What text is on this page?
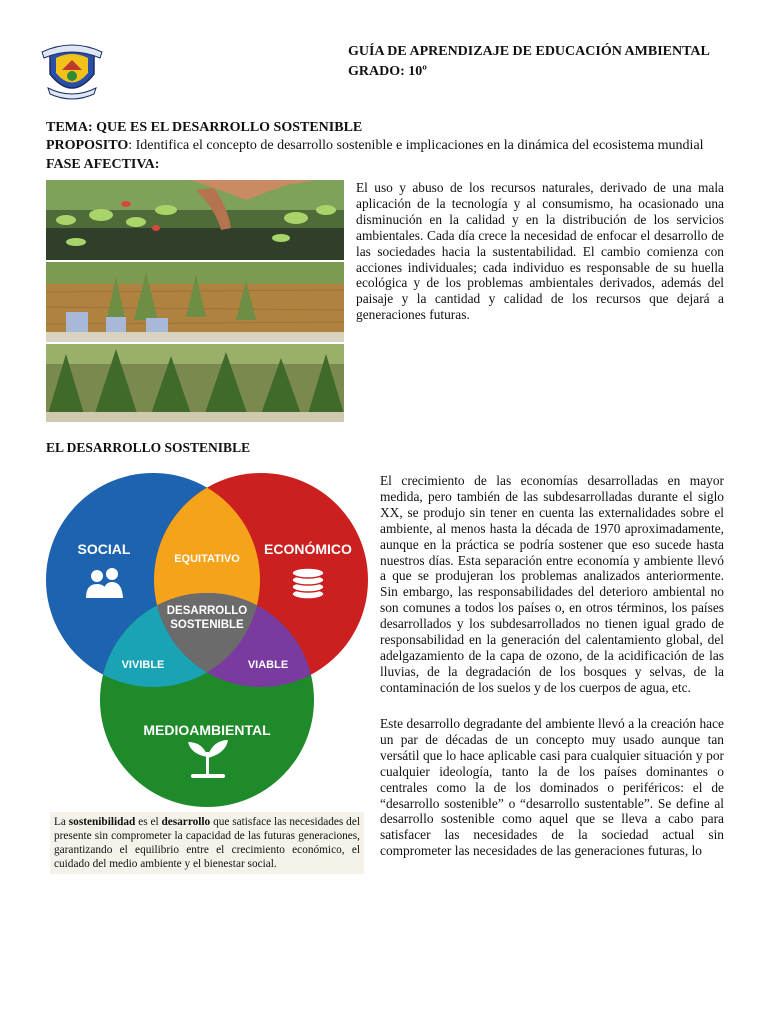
GUÍA DE APRENDIZAJE DE EDUCACIÓN AMBIENTAL
GRADO: 10º
TEMA: QUE ES EL DESARROLLO SOSTENIBLE
PROPOSITO: Identifica el concepto de desarrollo sostenible e implicaciones en la dinámica del ecosistema mundial
FASE AFECTIVA:

El uso y abuso de los recursos naturales, derivado de una mala aplicación de la tecnología y al consumismo, ha ocasionado una disminución en la calidad y en la distribución de los servicios ambientales. Cada día crece la necesidad de enfocar el desarrollo de las sociedades hacia la sustentabilidad. El cambio comienza con acciones individuales; cada individuo es responsable de su huella ecológica y de los problemas ambientales derivados, además del paisaje y la cantidad y calidad de los recursos que dejará a generaciones futuras.

EL DESARROLLO SOSTENIBLE
SOCIAL	ECONÓMICO
MEDIOAMBIENTAL
EQUITATIVO
VIVIBLE	VIABLE
DESARROLLO
SOSTENIBLE
La sostenibilidad es el desarrollo que satisface las necesidades del presente sin comprometer la capacidad de las futuras generaciones, garantizando el equilibrio entre el crecimiento económico, el cuidado del medio ambiente y el bienestar social.

El crecimiento de las economías desarrolladas en mayor medida, pero también de las subdesarrolladas durante el siglo XX, se produjo sin tener en cuenta las externalidades sobre el ambiente, al menos hasta la década de 1970 aproximadamente, aunque en la práctica se podría sostener que eso sucede hasta nuestros días. Esta separación entre economía y ambiente llevó a que se produjeran los problemas analizados anteriormente. Sin embargo, las responsabilidades del deterioro ambiental no son comunes a todos los países o, en otros términos, los países desarrollados y los subdesarrollados no tienen igual grado de responsabilidad en la generación del calentamiento global, del adelgazamiento de la capa de ozono, de la acidificación de las lluvias, de la degradación de los bosques y selvas, de la contaminación de los suelos y de los cuerpos de agua, etc.

Este desarrollo degradante del ambiente llevó a la creación hace un par de décadas de un concepto muy usado aunque tan versátil que lo hace aplicable casi para cualquier situación y por cualquier ideología, tanto la de los países dominantes o centrales como la de los dominados o periféricos: el de “desarrollo sostenible” o “desarrollo sustentable”. Se define al desarrollo sostenible como aquel que se lleva a cabo para satisfacer las necesidades de la sociedad actual sin comprometer las necesidades de las generaciones futuras, lo
